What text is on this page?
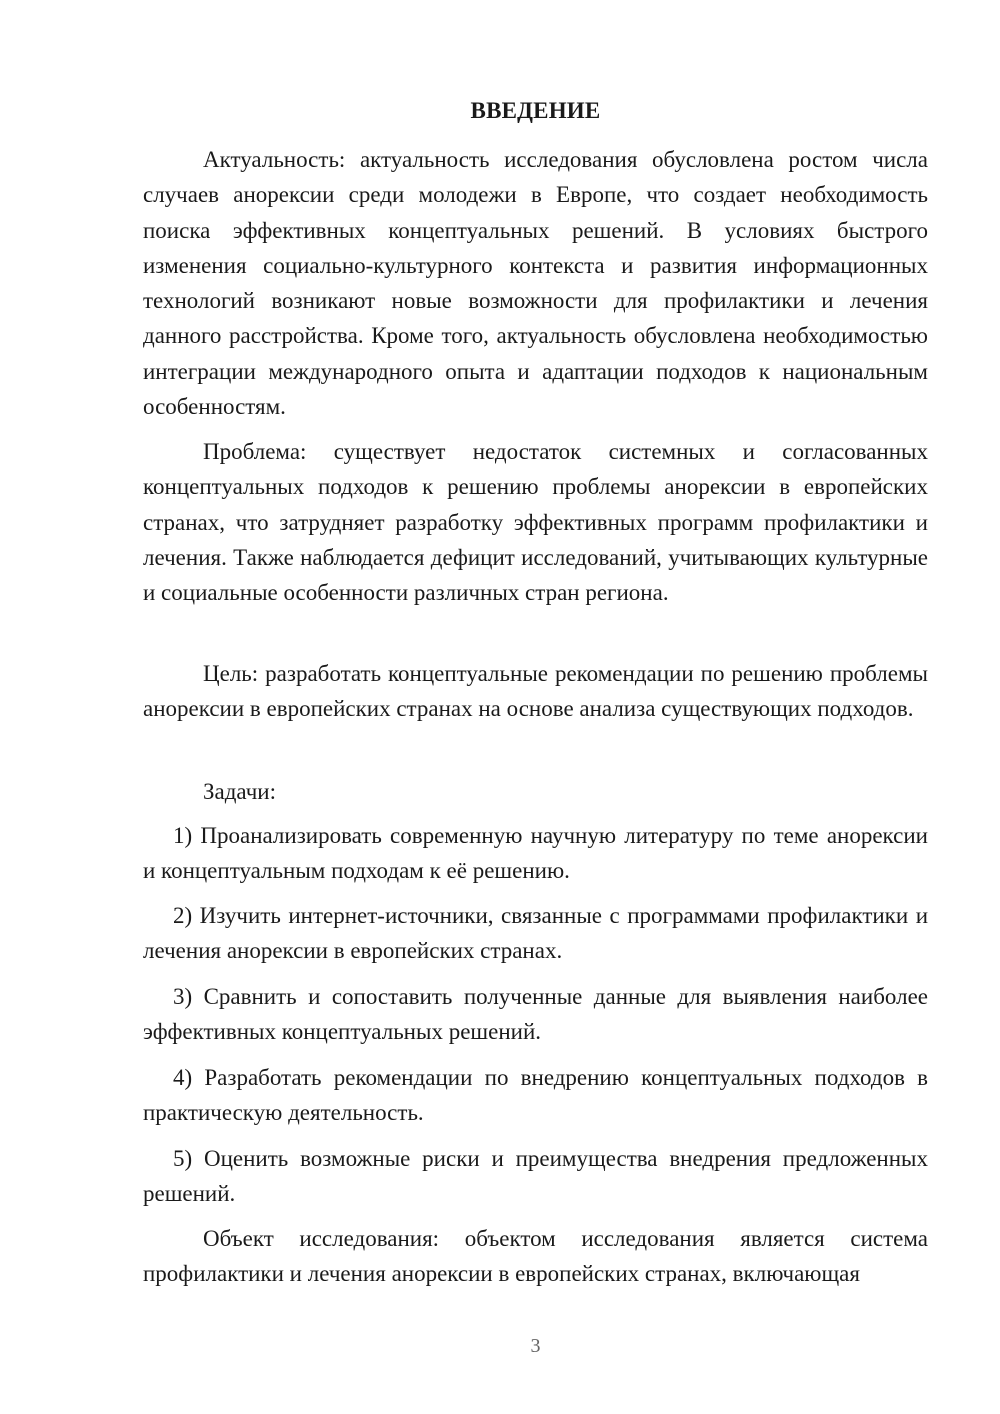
ВВЕДЕНИЕ

Актуальность: актуальность исследования обусловлена ростом числа случаев анорексии среди молодежи в Европе, что создает необходимость поиска эффективных концептуальных решений. В условиях быстрого изменения социально-культурного контекста и развития информационных технологий возникают новые возможности для профилактики и лечения данного расстройства. Кроме того, актуальность обусловлена необходимостью интеграции международного опыта и адаптации подходов к национальным особенностям.

Проблема: существует недостаток системных и согласованных концептуальных подходов к решению проблемы анорексии в европейских странах, что затрудняет разработку эффективных программ профилактики и лечения. Также наблюдается дефицит исследований, учитывающих культурные и социальные особенности различных стран региона.

Цель: разработать концептуальные рекомендации по решению проблемы анорексии в европейских странах на основе анализа существующих подходов.

Задачи:

1) Проанализировать современную научную литературу по теме анорексии и концептуальным подходам к её решению.

2) Изучить интернет-источники, связанные с программами профилактики и лечения анорексии в европейских странах.

3) Сравнить и сопоставить полученные данные для выявления наиболее эффективных концептуальных решений.

4) Разработать рекомендации по внедрению концептуальных подходов в практическую деятельность.

5) Оценить возможные риски и преимущества внедрения предложенных решений.

Объект исследования: объектом исследования является система профилактики и лечения анорексии в европейских странах, включающая

3
